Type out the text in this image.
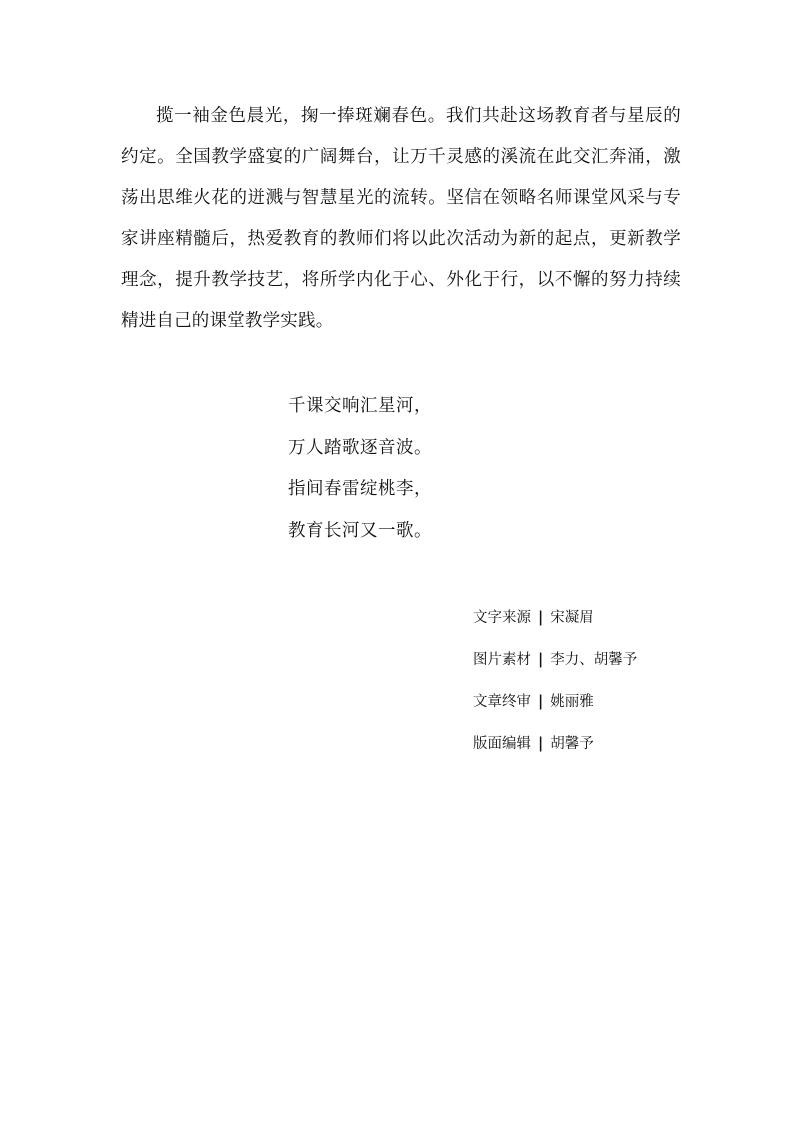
揽一袖金色晨光，掬一捧斑斓春色。我们共赴这场教育者与星辰的约定。全国教学盛宴的广阔舞台，让万千灵感的溪流在此交汇奔涌，激荡出思维火花的迸溅与智慧星光的流转。坚信在领略名师课堂风采与专家讲座精髓后，热爱教育的教师们将以此次活动为新的起点，更新教学理念，提升教学技艺，将所学内化于心、外化于行，以不懈的努力持续精进自己的课堂教学实践。

千课交响汇星河，
万人踏歌逐音波。
指间春雷绽桃李，
教育长河又一歌。
文字来源 | 宋凝眉
图片素材 | 李力、胡馨予
文章终审 | 姚丽雅
版面编辑 | 胡馨予
